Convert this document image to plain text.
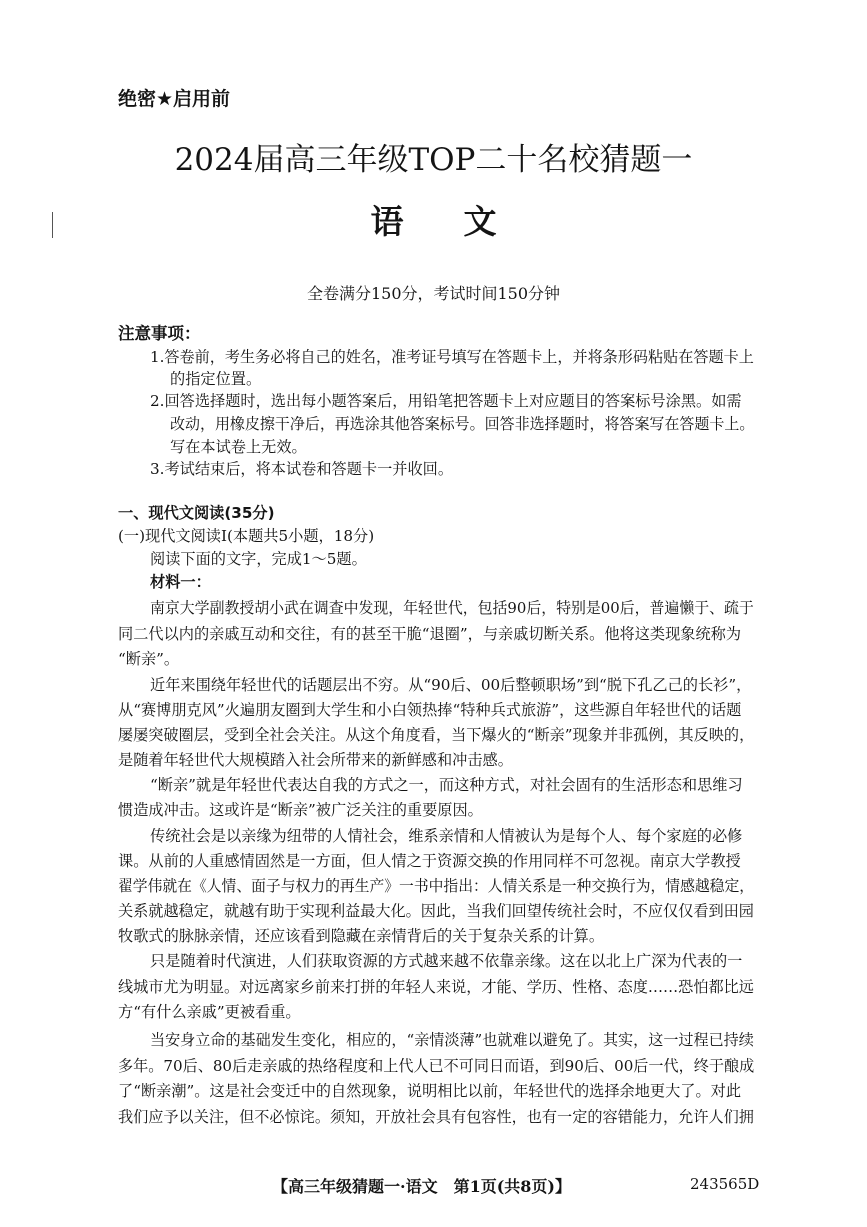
绝密★启用前
2024届高三年级TOP二十名校猜题一
语文
全卷满分150分，考试时间150分钟
注意事项：
1.答卷前，考生务必将自己的姓名，准考证号填写在答题卡上，并将条形码粘贴在答题卡上
的指定位置。
2.回答选择题时，选出每小题答案后，用铅笔把答题卡上对应题目的答案标号涂黑。如需
改动，用橡皮擦干净后，再选涂其他答案标号。回答非选择题时，将答案写在答题卡上。
写在本试卷上无效。
3.考试结束后，将本试卷和答题卡一并收回。
一、现代文阅读(35分)
(一)现代文阅读Ⅰ(本题共5小题，18分)
阅读下面的文字，完成1～5题。
材料一：
南京大学副教授胡小武在调查中发现，年轻世代，包括90后，特别是00后，普遍懒于、疏于
同二代以内的亲戚互动和交往，有的甚至干脆“退圈”，与亲戚切断关系。他将这类现象统称为
“断亲”。
近年来围绕年轻世代的话题层出不穷。从“90后、00后整顿职场”到“脱下孔乙己的长衫”，
从“赛博朋克风”火遍朋友圈到大学生和小白领热捧“特种兵式旅游”，这些源自年轻世代的话题
屡屡突破圈层，受到全社会关注。从这个角度看，当下爆火的“断亲”现象并非孤例，其反映的，
是随着年轻世代大规模踏入社会所带来的新鲜感和冲击感。
“断亲”就是年轻世代表达自我的方式之一，而这种方式，对社会固有的生活形态和思维习
惯造成冲击。这或许是“断亲”被广泛关注的重要原因。
传统社会是以亲缘为纽带的人情社会，维系亲情和人情被认为是每个人、每个家庭的必修
课。从前的人重感情固然是一方面，但人情之于资源交换的作用同样不可忽视。南京大学教授
翟学伟就在《人情、面子与权力的再生产》一书中指出：人情关系是一种交换行为，情感越稳定，
关系就越稳定，就越有助于实现利益最大化。因此，当我们回望传统社会时，不应仅仅看到田园
牧歌式的脉脉亲情，还应该看到隐藏在亲情背后的关于复杂关系的计算。
只是随着时代演进，人们获取资源的方式越来越不依靠亲缘。这在以北上广深为代表的一
线城市尤为明显。对远离家乡前来打拼的年轻人来说，才能、学历、性格、态度……恐怕都比远
方“有什么亲戚”更被看重。
当安身立命的基础发生变化，相应的，“亲情淡薄”也就难以避免了。其实，这一过程已持续
多年。70后、80后走亲戚的热络程度和上代人已不可同日而语，到90后、00后一代，终于酿成
了“断亲潮”。这是社会变迁中的自然现象，说明相比以前，年轻世代的选择余地更大了。对此
我们应予以关注，但不必惊诧。须知，开放社会具有包容性，也有一定的容错能力，允许人们拥
【高三年级猜题一·语文　第1页(共8页)】	243565D
